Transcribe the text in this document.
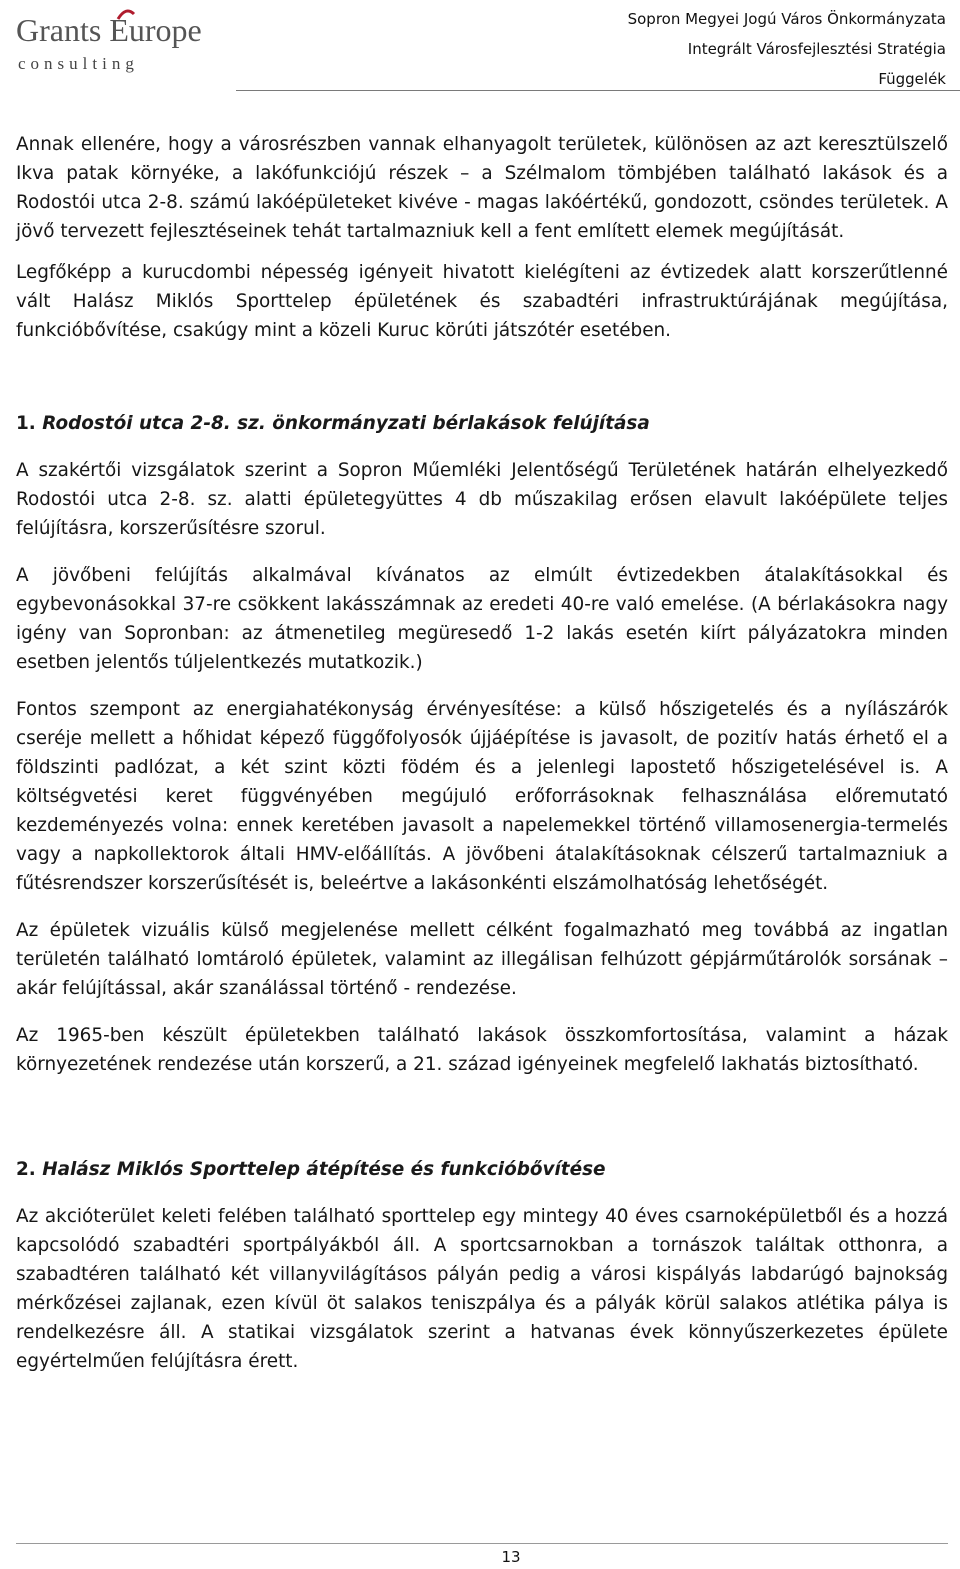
Grants Europe
consulting
Sopron Megyei Jogú Város Önkormányzata
Integrált Városfejlesztési Stratégia
Függelék

Annak ellenére, hogy a városrészben vannak elhanyagolt területek, különösen az azt keresztülszelő Ikva patak környéke, a lakófunkciójú részek – a Szélmalom tömbjében található lakások és a Rodostói utca 2-8. számú lakóépületeket kivéve - magas lakóértékű, gondozott, csöndes területek. A jövő tervezett fejlesztéseinek tehát tartalmazniuk kell a fent említett elemek megújítását.

Legfőképp a kurucdombi népesség igényeit hivatott kielégíteni az évtizedek alatt korszerűtlenné vált Halász Miklós Sporttelep épületének és szabadtéri infrastruktúrájának megújítása, funkcióbővítése, csakúgy mint a közeli Kuruc körúti játszótér esetében.

1. Rodostói utca 2-8. sz. önkormányzati bérlakások felújítása

A szakértői vizsgálatok szerint a Sopron Műemléki Jelentőségű Területének határán elhelyezkedő Rodostói utca 2-8. sz. alatti épületegyüttes 4 db műszakilag erősen elavult lakóépülete teljes felújításra, korszerűsítésre szorul.

A jövőbeni felújítás alkalmával kívánatos az elmúlt évtizedekben átalakításokkal és egybevonásokkal 37-re csökkent lakásszámnak az eredeti 40-re való emelése. (A bérlakásokra nagy igény van Sopronban: az átmenetileg megüresedő 1-2 lakás esetén kiírt pályázatokra minden esetben jelentős túljelentkezés mutatkozik.)

Fontos szempont az energiahatékonyság érvényesítése: a külső hőszigetelés és a nyílászárók cseréje mellett a hőhidat képező függőfolyosók újjáépítése is javasolt, de pozitív hatás érhető el a földszinti padlózat, a két szint közti födém és a jelenlegi lapostető hőszigetelésével is. A költségvetési keret függvényében megújuló erőforrásoknak felhasználása előremutató kezdeményezés volna: ennek keretében javasolt a napelemekkel történő villamosenergia-termelés vagy a napkollektorok általi HMV-előállítás. A jövőbeni átalakításoknak célszerű tartalmazniuk a fűtésrendszer korszerűsítését is, beleértve a lakásonkénti elszámolhatóság lehetőségét.

Az épületek vizuális külső megjelenése mellett célként fogalmazható meg továbbá az ingatlan területén található lomtároló épületek, valamint az illegálisan felhúzott gépjárműtárolók sorsának – akár felújítással, akár szanálással történő - rendezése.

Az 1965-ben készült épületekben található lakások összkomfortosítása, valamint a házak környezetének rendezése után korszerű, a 21. század igényeinek megfelelő lakhatás biztosítható.

2. Halász Miklós Sporttelep átépítése és funkcióbővítése

Az akcióterület keleti felében található sporttelep egy mintegy 40 éves csarnoképületből és a hozzá kapcsolódó szabadtéri sportpályákból áll. A sportcsarnokban a tornászok találtak otthonra, a szabadtéren található két villanyvilágításos pályán pedig a városi kispályás labdarúgó bajnokság mérkőzései zajlanak, ezen kívül öt salakos teniszpálya és a pályák körül salakos atlétika pálya is rendelkezésre áll. A statikai vizsgálatok szerint a hatvanas évek könnyűszerkezetes épülete egyértelműen felújításra érett.

13
